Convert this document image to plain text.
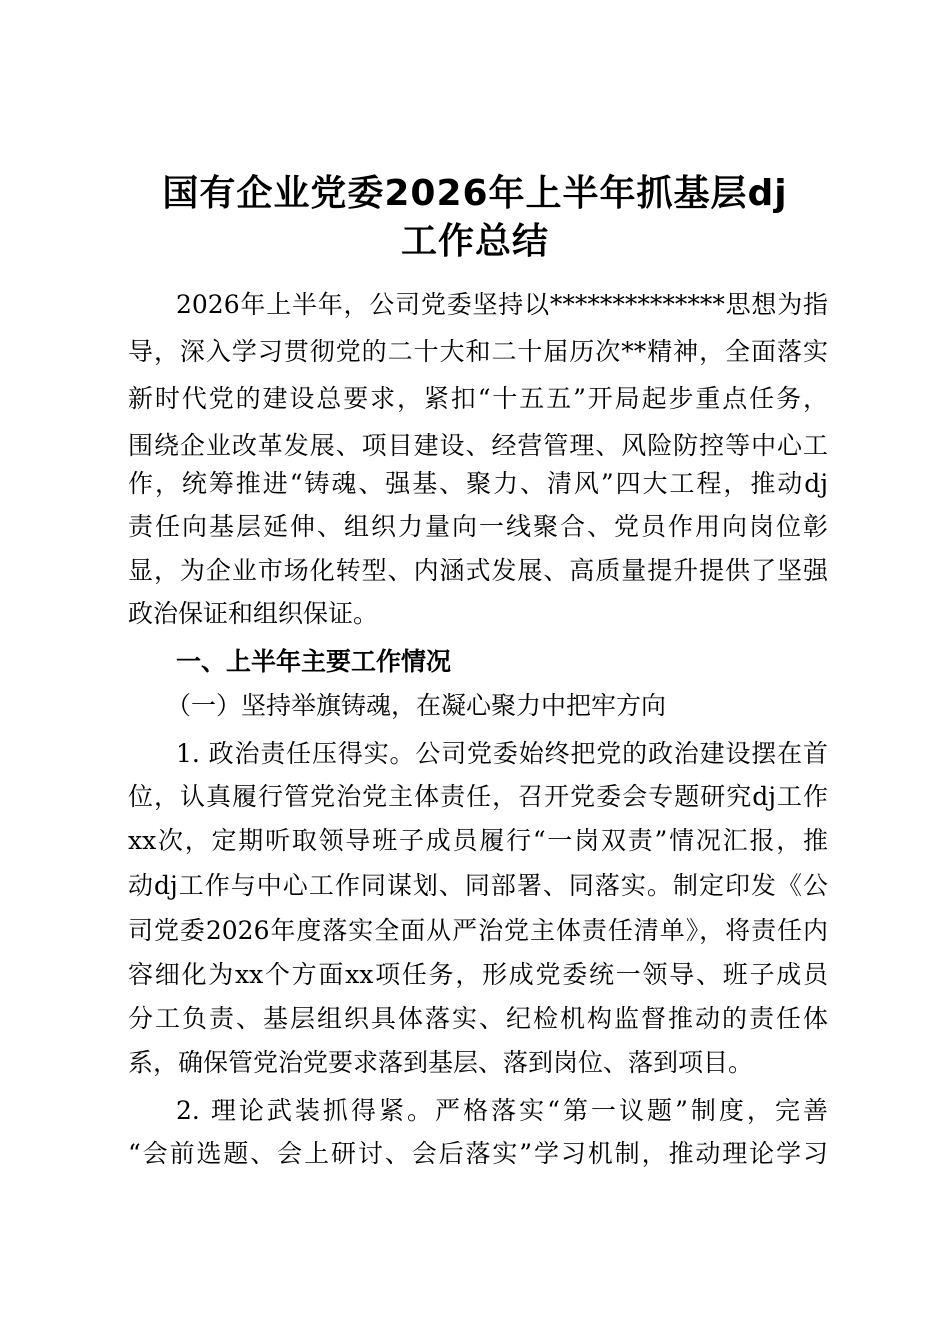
国有企业党委2026年上半年抓基层dj
工作总结
2026年上半年，公司党委坚持以**************思想为指
导，深入学习贯彻党的二十大和二十届历次**精神，全面落实
新时代党的建设总要求，紧扣“十五五”开局起步重点任务，
围绕企业改革发展、项目建设、经营管理、风险防控等中心工
作，统筹推进“铸魂、强基、聚力、清风”四大工程，推动dj
责任向基层延伸、组织力量向一线聚合、党员作用向岗位彰
显，为企业市场化转型、内涵式发展、高质量提升提供了坚强
政治保证和组织保证。
一、上半年主要工作情况
（一）坚持举旗铸魂，在凝心聚力中把牢方向
1. 政治责任压得实。公司党委始终把党的政治建设摆在首
位，认真履行管党治党主体责任，召开党委会专题研究dj工作
xx次，定期听取领导班子成员履行“一岗双责”情况汇报，推
动dj工作与中心工作同谋划、同部署、同落实。制定印发《公
司党委2026年度落实全面从严治党主体责任清单》，将责任内
容细化为xx个方面xx项任务，形成党委统一领导、班子成员
分工负责、基层组织具体落实、纪检机构监督推动的责任体
系，确保管党治党要求落到基层、落到岗位、落到项目。
2. 理论武装抓得紧。严格落实“第一议题”制度，完善
“会前选题、会上研讨、会后落实”学习机制，推动理论学习
